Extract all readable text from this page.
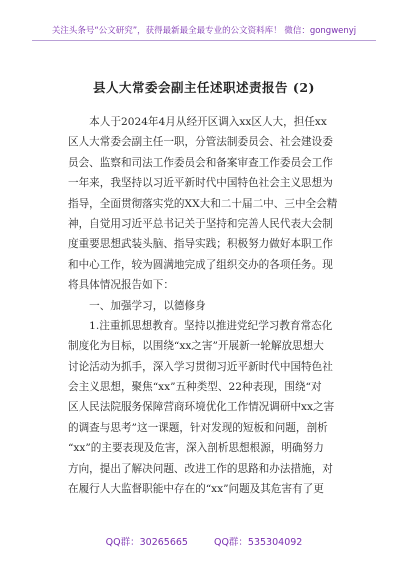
关注头条号“公文研究”，获得最新最全最专业的公文资料库！ 微信：gongwenyj
县人大常委会副主任述职述责报告 (2)
　　本人于2024年4月从经开区调入xx区人大，担任xx
区人大常委会副主任一职，分管法制委员会、社会建设委
员会、监察和司法工作委员会和备案审查工作委员会工作
一年来，我坚持以习近平新时代中国特色社会主义思想为
指导，全面贯彻落实党的XX大和二十届二中、三中全会精
神，自觉用习近平总书记关于坚持和完善人民代表大会制
度重要思想武装头脑、指导实践；积极努力做好本职工作
和中心工作，较为圆满地完成了组织交办的各项任务。现
将具体情况报告如下：
　　一、加强学习，以德修身
　　1.注重抓思想教育。坚持以推进党纪学习教育常态化
制度化为目标，以围绕“xx之害”开展新一轮解放思想大
讨论活动为抓手，深入学习贯彻习近平新时代中国特色社
会主义思想，聚焦“xx”五种类型、22种表现，围绕“对
区人民法院服务保障营商环境优化工作情况调研中xx之害
的调查与思考”这一课题，针对发现的短板和问题，剖析
“xx”的主要表现及危害，深入剖析思想根源，明确努力
方向，提出了解决问题、改进工作的思路和办法措施，对
在履行人大监督职能中存在的“xx”问题及其危害有了更
QQ群：30265665	QQ群：535304092
